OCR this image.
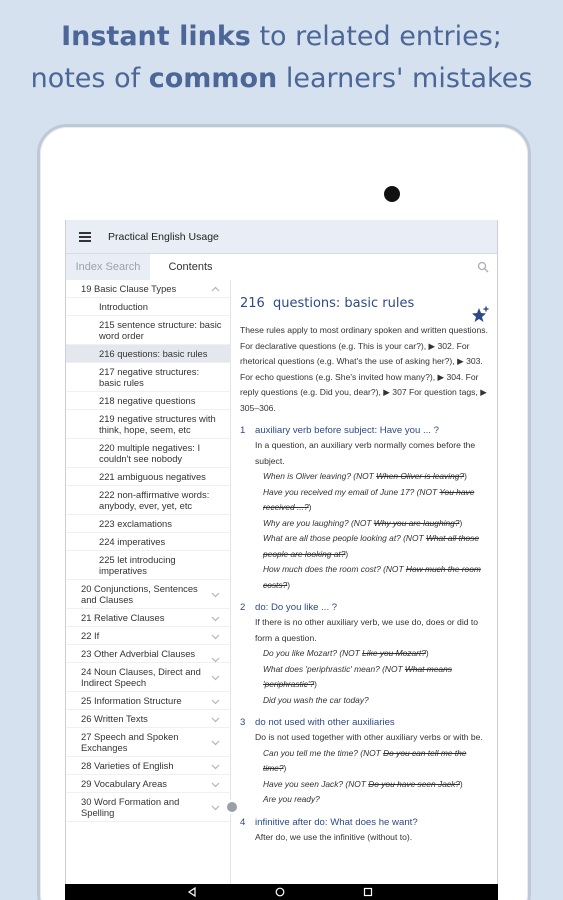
Instant links to related entries;
notes of common learners' mistakes
Practical English Usage
Index Search	Contents
19 Basic Clause Types
Introduction
215 sentence structure: basic word order
216 questions: basic rules
217 negative structures: basic rules
218 negative questions
219 negative structures with think, hope, seem, etc
220 multiple negatives: I couldn't see nobody
221 ambiguous negatives
222 non-affirmative words: anybody, ever, yet, etc
223 exclamations
224 imperatives
225 let introducing imperatives
20 Conjunctions, Sentences and Clauses
21 Relative Clauses
22 If
23 Other Adverbial Clauses
24 Noun Clauses, Direct and Indirect Speech
25 Information Structure
26 Written Texts
27 Speech and Spoken Exchanges
28 Varieties of English
29 Vocabulary Areas
30 Word Formation and Spelling
216 questions: basic rules
These rules apply to most ordinary spoken and written questions. For declarative questions (e.g. This is your car?), ▶ 302. For rhetorical questions (e.g. What's the use of asking her?), ▶ 303. For echo questions (e.g. She's invited how many?), ▶ 304. For reply questions (e.g. Did you, dear?), ▶ 307 For question tags, ▶ 305–306.
1 auxiliary verb before subject: Have you ... ?
In a question, an auxiliary verb normally comes before the subject.
When is Oliver leaving? (NOT When Oliver is leaving?)
Have you received my email of June 17? (NOT You have received ...?)
Why are you laughing? (NOT Why you are laughing?)
What are all those people looking at? (NOT What all those people are looking at?)
How much does the room cost? (NOT How much the room costs?)
2 do: Do you like ... ?
If there is no other auxiliary verb, we use do, does or did to form a question.
Do you like Mozart? (NOT Like you Mozart?)
What does 'periphrastic' mean? (NOT What means 'periphrastic'?)
Did you wash the car today?
3 do not used with other auxiliaries
Do is not used together with other auxiliary verbs or with be.
Can you tell me the time? (NOT Do you can tell me the time?)
Have you seen Jack? (NOT Do you have seen Jack?)
Are you ready?
4 infinitive after do: What does he want?
After do, we use the infinitive (without to).
